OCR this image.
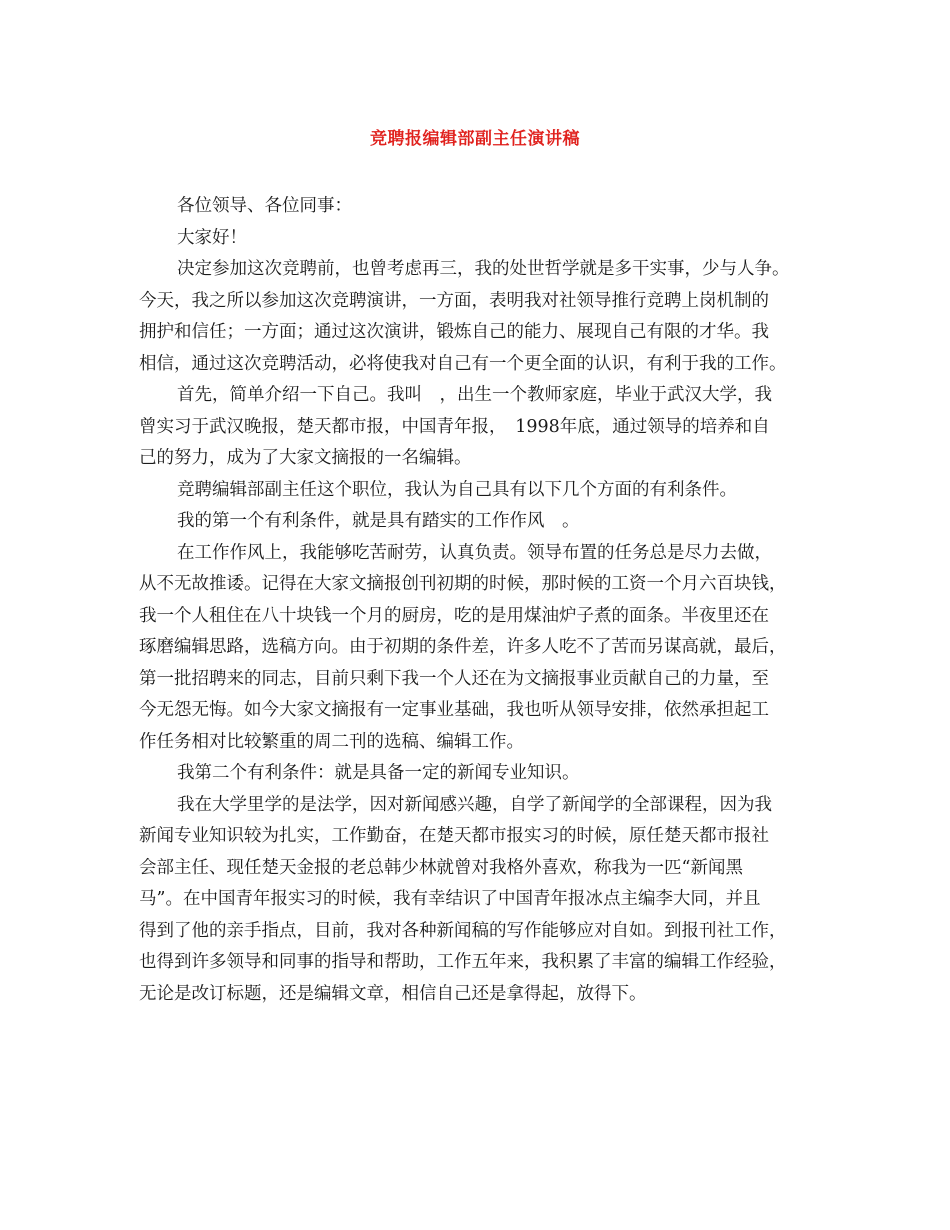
竞聘报编辑部副主任演讲稿
各位领导、各位同事：
大家好！
决定参加这次竞聘前，也曾考虑再三，我的处世哲学就是多干实事，少与人争。
今天，我之所以参加这次竞聘演讲，一方面，表明我对社领导推行竞聘上岗机制的
拥护和信任；一方面；通过这次演讲，锻炼自己的能力、展现自己有限的才华。我
相信，通过这次竞聘活动，必将使我对自己有一个更全面的认识，有利于我的工作。
首先，简单介绍一下自己。我叫　，出生一个教师家庭，毕业于武汉大学，我
曾实习于武汉晚报，楚天都市报，中国青年报，　1998年底，通过领导的培养和自
己的努力，成为了大家文摘报的一名编辑。
竞聘编辑部副主任这个职位，我认为自己具有以下几个方面的有利条件。
我的第一个有利条件，就是具有踏实的工作作风　。
在工作作风上，我能够吃苦耐劳，认真负责。领导布置的任务总是尽力去做，
从不无故推诿。记得在大家文摘报创刊初期的时候，那时候的工资一个月六百块钱，
我一个人租住在八十块钱一个月的厨房，吃的是用煤油炉子煮的面条。半夜里还在
琢磨编辑思路，选稿方向。由于初期的条件差，许多人吃不了苦而另谋高就，最后，
第一批招聘来的同志，目前只剩下我一个人还在为文摘报事业贡献自己的力量，至
今无怨无悔。如今大家文摘报有一定事业基础，我也听从领导安排，依然承担起工
作任务相对比较繁重的周二刊的选稿、编辑工作。
我第二个有利条件：就是具备一定的新闻专业知识。
我在大学里学的是法学，因对新闻感兴趣，自学了新闻学的全部课程，因为我
新闻专业知识较为扎实，工作勤奋，在楚天都市报实习的时候，原任楚天都市报社
会部主任、现任楚天金报的老总韩少林就曾对我格外喜欢，称我为一匹“新闻黑
马”。在中国青年报实习的时候，我有幸结识了中国青年报冰点主编李大同，并且
得到了他的亲手指点，目前，我对各种新闻稿的写作能够应对自如。到报刊社工作，
也得到许多领导和同事的指导和帮助，工作五年来，我积累了丰富的编辑工作经验，
无论是改订标题，还是编辑文章，相信自己还是拿得起，放得下。
